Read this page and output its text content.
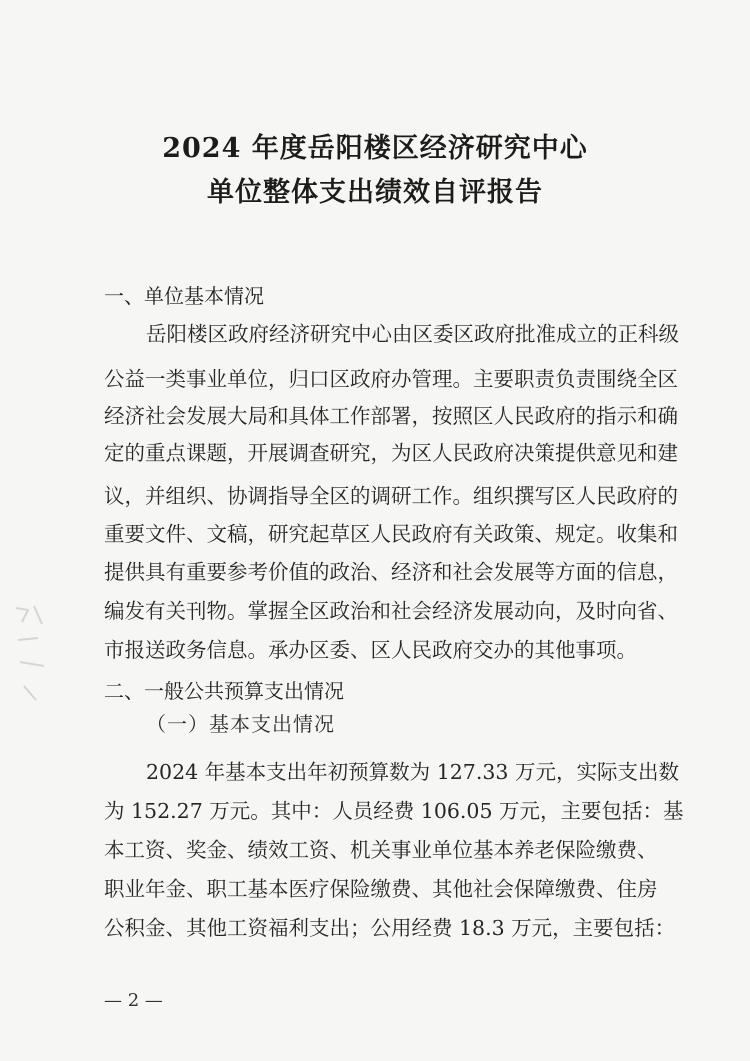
2024 年度岳阳楼区经济研究中心
单位整体支出绩效自评报告
一、单位基本情况
岳阳楼区政府经济研究中心由区委区政府批准成立的正科级
公益一类事业单位，归口区政府办管理。主要职责负责围绕全区
经济社会发展大局和具体工作部署，按照区人民政府的指示和确
定的重点课题，开展调查研究，为区人民政府决策提供意见和建
议，并组织、协调指导全区的调研工作。组织撰写区人民政府的
重要文件、文稿，研究起草区人民政府有关政策、规定。收集和
提供具有重要参考价值的政治、经济和社会发展等方面的信息，
编发有关刊物。掌握全区政治和社会经济发展动向，及时向省、
市报送政务信息。承办区委、区人民政府交办的其他事项。
二、一般公共预算支出情况
（一）基本支出情况
2024 年基本支出年初预算数为 127.33 万元，实际支出数
为 152.27 万元。其中：人员经费 106.05 万元，主要包括：基
本工资、奖金、绩效工资、机关事业单位基本养老保险缴费、
职业年金、职工基本医疗保险缴费、其他社会保障缴费、住房
公积金、其他工资福利支出；公用经费 18.3 万元，主要包括：
— 2 —
